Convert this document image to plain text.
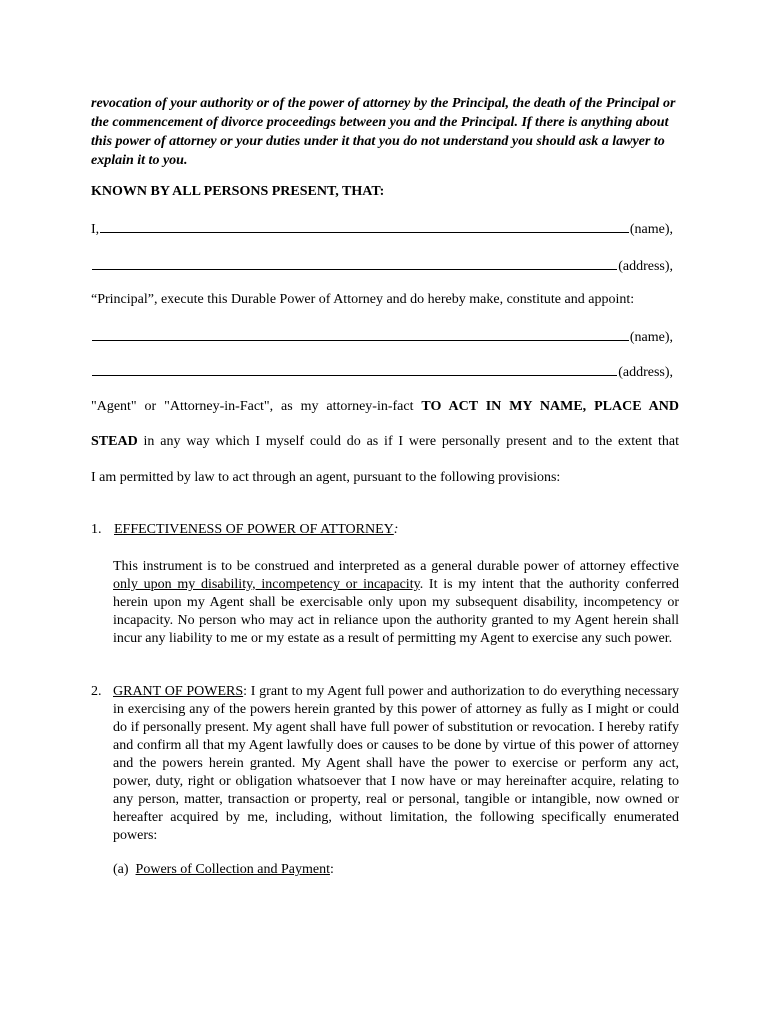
revocation of your authority or of the power of attorney by the Principal, the death of the Principal or the commencement of divorce proceedings between you and the Principal. If there is anything about this power of attorney or your duties under it that you do not understand you should ask a lawyer to explain it to you.
KNOWN BY ALL PERSONS PRESENT, THAT:
I,	(name),
(address),
“Principal”, execute this Durable Power of Attorney and do hereby make, constitute and appoint:
(name),
(address),
"Agent" or "Attorney-in-Fact", as my attorney-in-fact TO ACT IN MY NAME, PLACE AND
STEAD in any way which I myself could do as if I were personally present and to the extent that
I am permitted by law to act through an agent, pursuant to the following provisions:
1. EFFECTIVENESS OF POWER OF ATTORNEY:
This instrument is to be construed and interpreted as a general durable power of attorney effective only upon my disability, incompetency or incapacity. It is my intent that the authority conferred herein upon my Agent shall be exercisable only upon my subsequent disability, incompetency or incapacity. No person who may act in reliance upon the authority granted to my Agent herein shall incur any liability to me or my estate as a result of permitting my Agent to exercise any such power.
2. GRANT OF POWERS: I grant to my Agent full power and authorization to do everything necessary in exercising any of the powers herein granted by this power of attorney as fully as I might or could do if personally present. My agent shall have full power of substitution or revocation. I hereby ratify and confirm all that my Agent lawfully does or causes to be done by virtue of this power of attorney and the powers herein granted. My Agent shall have the power to exercise or perform any act, power, duty, right or obligation whatsoever that I now have or may hereinafter acquire, relating to any person, matter, transaction or property, real or personal, tangible or intangible, now owned or hereafter acquired by me, including, without limitation, the following specifically enumerated powers:
(a) Powers of Collection and Payment:
